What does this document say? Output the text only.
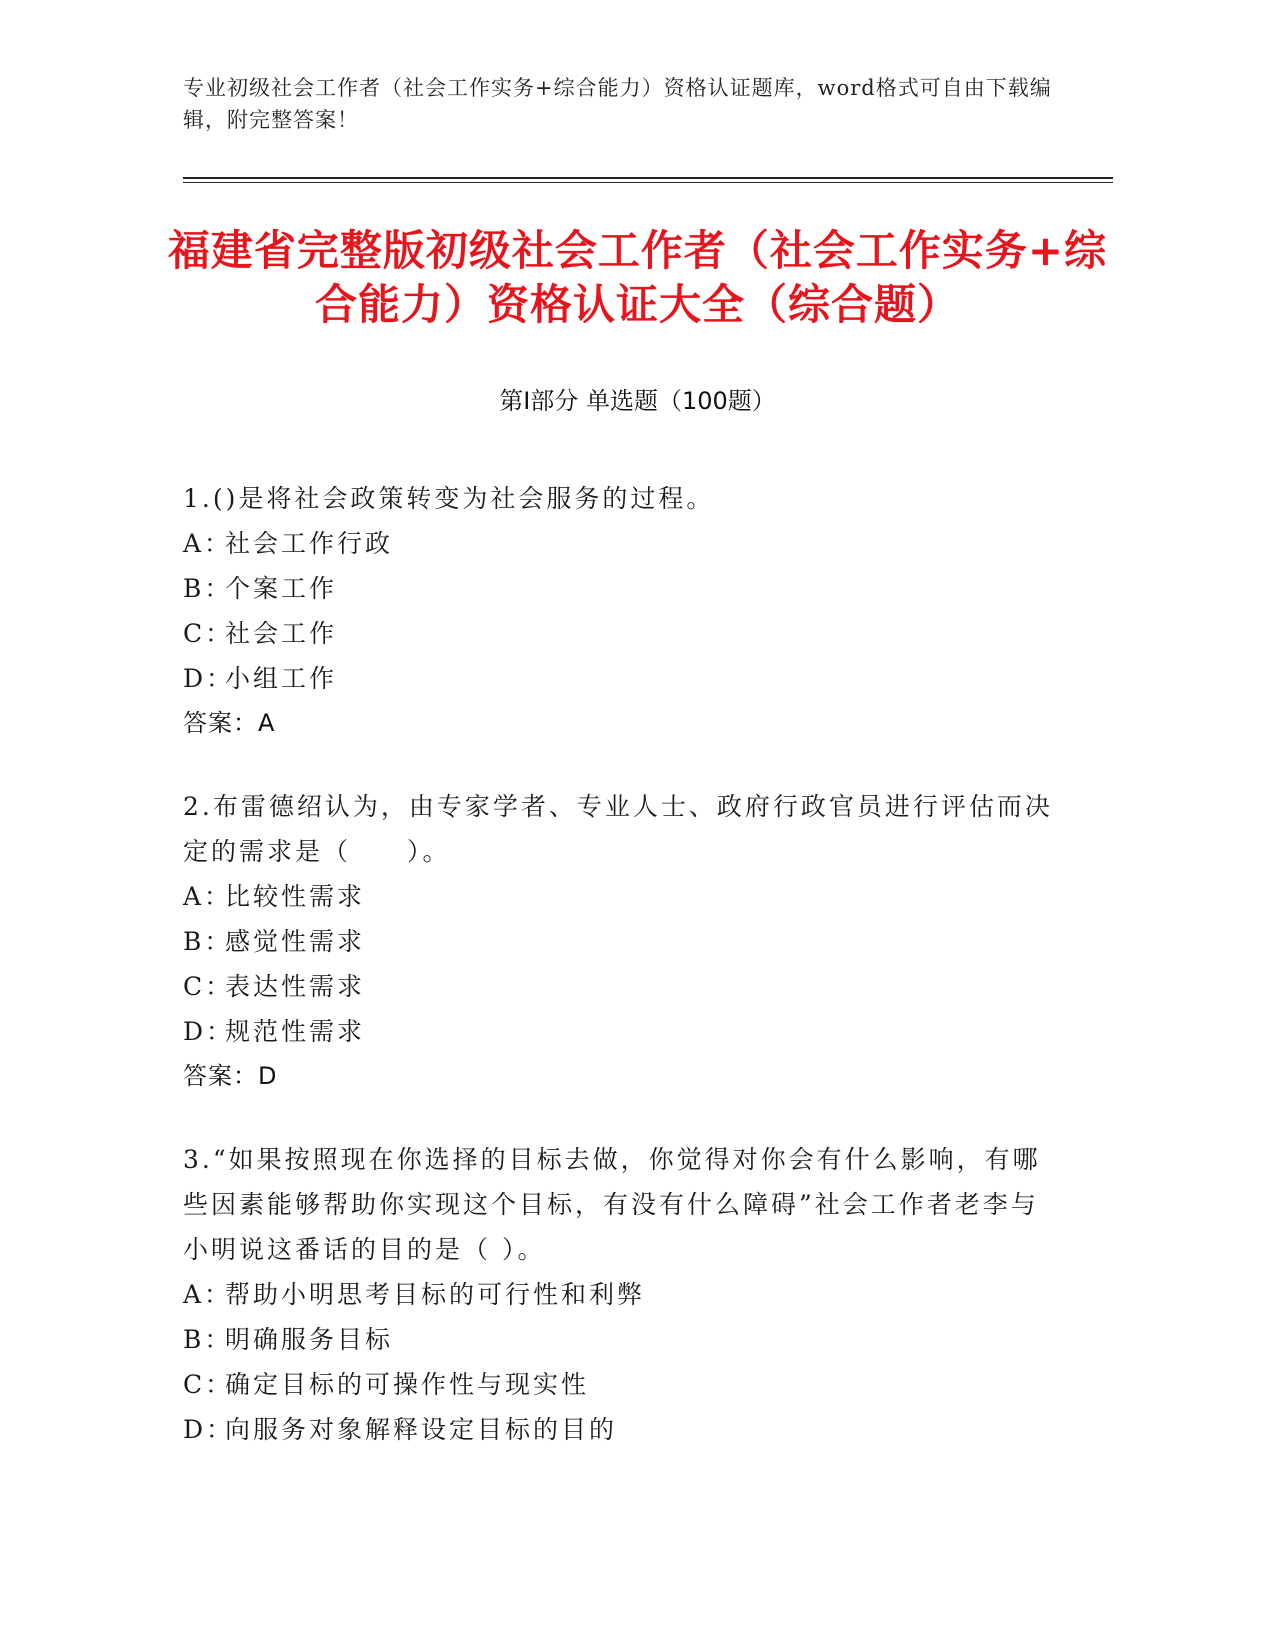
专业初级社会工作者（社会工作实务+综合能力）资格认证题库，word格式可自由下载编辑，附完整答案！
福建省完整版初级社会工作者（社会工作实务+综合能力）资格认证大全（综合题）
第Ⅰ部分 单选题（100题）
1.()是将社会政策转变为社会服务的过程。
A：社会工作行政
B：个案工作
C：社会工作
D：小组工作
答案：A
2.布雷德绍认为，由专家学者、专业人士、政府行政官员进行评估而决定的需求是（　　）。
A：比较性需求
B：感觉性需求
C：表达性需求
D：规范性需求
答案：D
3.“如果按照现在你选择的目标去做，你觉得对你会有什么影响，有哪些因素能够帮助你实现这个目标，有没有什么障碍”社会工作者老李与小明说这番话的目的是（ ）。
A：帮助小明思考目标的可行性和利弊
B：明确服务目标
C：确定目标的可操作性与现实性
D：向服务对象解释设定目标的目的
